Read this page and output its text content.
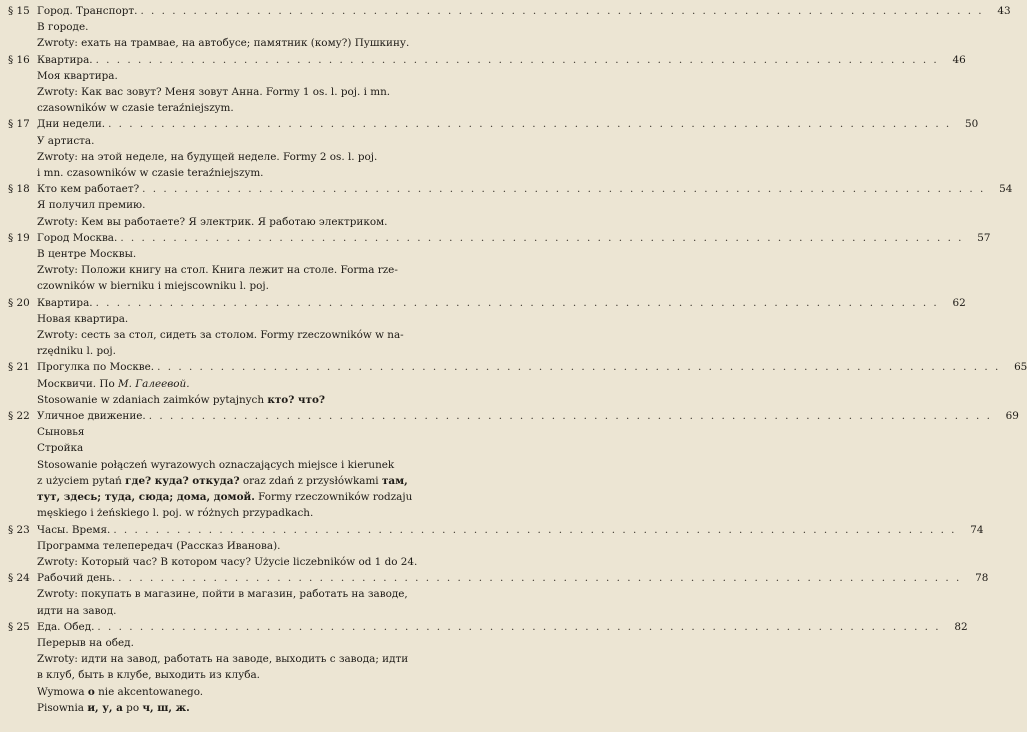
§ 15 Город. Транспорт. . . . . . . . . . . . . . . . . . . . . . . . . . . . . . . . . . . . . . . . . . . . . . . . . . . . . . . . . . . . . . . . . . . . . . . . . . . . . . . . .	43
В городе.
Zwroty: ехать на трамвае, на автобусе; памятник (кому?) Пушкину.
§ 16 Квартира. . . . . . . . . . . . . . . . . . . . . . . . . . . . . . . . . . . . . . . . . . . . . . . . . . . . . . . . . . . . . . . . . . . . . . . . . . . . . . . . .	46
Моя квартира.
Zwroty: Как вас зовут? Меня зовут Анна. Formy 1 os. l. poj. i mn.
czasowników w czasie teraźniejszym.
§ 17 Дни недели. . . . . . . . . . . . . . . . . . . . . . . . . . . . . . . . . . . . . . . . . . . . . . . . . . . . . . . . . . . . . . . . . . . . . . . . . . . . . . . . .	50
У артиста.
Zwroty: на этой неделе, на будущей неделе. Formy 2 os. l. poj.
i mn. czasowników w czasie teraźniejszym.
§ 18 Кто кем работает? . . . . . . . . . . . . . . . . . . . . . . . . . . . . . . . . . . . . . . . . . . . . . . . . . . . . . . . . . . . . . . . . . . . . . . . . . . . . . . . .	54
Я получил премию.
Zwroty: Кем вы работаете? Я электрик. Я работаю электриком.
§ 19 Город Москва. . . . . . . . . . . . . . . . . . . . . . . . . . . . . . . . . . . . . . . . . . . . . . . . . . . . . . . . . . . . . . . . . . . . . . . . . . . . . . . . .	57
В центре Москвы.
Zwroty: Положи книгу на стол. Книга лежит на столе. Forma rze-
czowników w bierniku i miejscowniku l. poj.
§ 20 Квартира. . . . . . . . . . . . . . . . . . . . . . . . . . . . . . . . . . . . . . . . . . . . . . . . . . . . . . . . . . . . . . . . . . . . . . . . . . . . . . . . .	62
Новая квартира.
Zwroty: сесть за стол, сидеть за столом. Formy rzeczowników w na-
rzędniku l. poj.
§ 21 Прогулка по Москве. . . . . . . . . . . . . . . . . . . . . . . . . . . . . . . . . . . . . . . . . . . . . . . . . . . . . . . . . . . . . . . . . . . . . . . . . . . . . . . . .	65
Москвичи. По М. Галеевой.
Stosowanie w zdaniach zaimków pytajnych кто? что?
§ 22 Уличное движение. . . . . . . . . . . . . . . . . . . . . . . . . . . . . . . . . . . . . . . . . . . . . . . . . . . . . . . . . . . . . . . . . . . . . . . . . . . . . . . . .	69
Сыновья
Стройка
Stosowanie połączeń wyrazowych oznaczających miejsce i kierunek
z użyciem pytań где? куда? откуда? oraz zdań z przysłówkami там,
тут, здесь; туда, сюда; дома, домой. Formy rzeczowników rodzaju
męskiego i żeńskiego l. poj. w różnych przypadkach.
§ 23 Часы. Время. . . . . . . . . . . . . . . . . . . . . . . . . . . . . . . . . . . . . . . . . . . . . . . . . . . . . . . . . . . . . . . . . . . . . . . . . . . . . . . . .	74
Программа телепередач (Рассказ Иванова).
Zwroty: Который час? В котором часу? Użycie liczebników od 1 do 24.
§ 24 Рабочий день. . . . . . . . . . . . . . . . . . . . . . . . . . . . . . . . . . . . . . . . . . . . . . . . . . . . . . . . . . . . . . . . . . . . . . . . . . . . . . . . .	78
Zwroty: покупать в магазине, пойти в магазин, работать на заводе,
идти на завод.
§ 25 Еда. Обед. . . . . . . . . . . . . . . . . . . . . . . . . . . . . . . . . . . . . . . . . . . . . . . . . . . . . . . . . . . . . . . . . . . . . . . . . . . . . . . . .	82
Перерыв на обед.
Zwroty: идти на завод, работать на заводе, выходить с завода; идти
в клуб, быть в клубе, выходить из клуба.
Wymowa о nie akcentowanego.
Pisownia и, у, а po ч, ш, ж.
